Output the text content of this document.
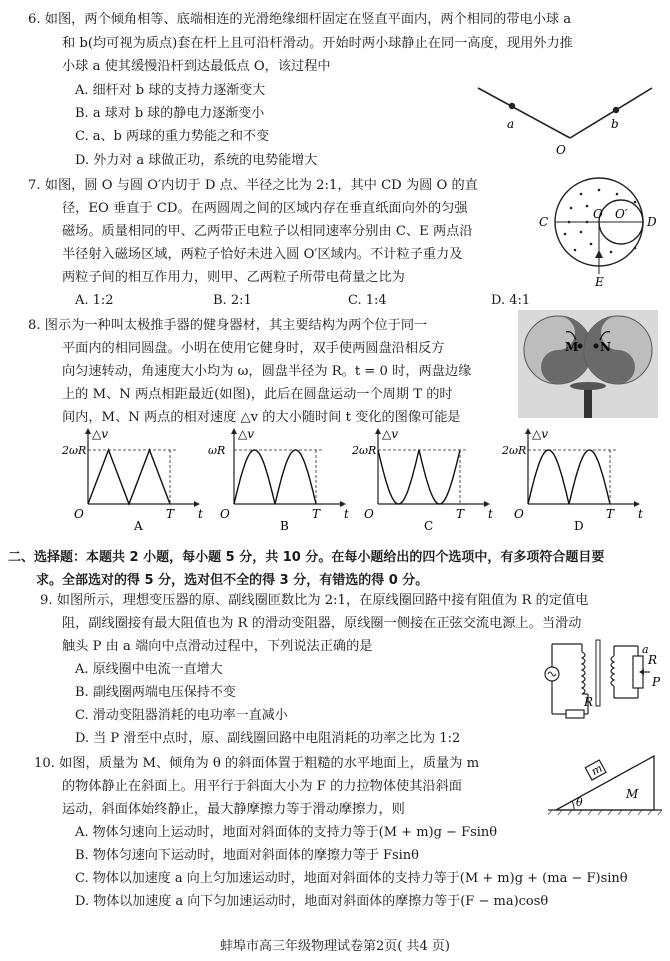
6. 如图，两个倾角相等、底端相连的光滑绝缘细杆固定在竖直平面内，两个相同的带电小球 a
和 b(均可视为质点)套在杆上且可沿杆滑动。开始时两小球静止在同一高度，现用外力推
小球 a 使其缓慢沿杆到达最低点 O，该过程中
A. 细杆对 b 球的支持力逐渐变大
B. a 球对 b 球的静电力逐渐变小
C. a、b 两球的重力势能之和不变
D. 外力对 a 球做正功，系统的电势能增大
a	b
O
7. 如图，圆 O 与圆 O′内切于 D 点、半径之比为 2:1，其中 CD 为圆 O 的直
径，EO 垂直于 CD。在两圆周之间的区域内存在垂直纸面向外的匀强
磁场。质量相同的甲、乙两带正电粒子以相同速率分别由 C、E 两点沿
半径射入磁场区域，两粒子恰好未进入圆 O′区域内。不计粒子重力及
两粒子间的相互作用力，则甲、乙两粒子所带电荷量之比为
A. 1:2	B. 2:1	C. 1:4	D. 4:1
C	D
O O′
E
8. 图示为一种叫太极推手器的健身器材，其主要结构为两个位于同一
平面内的相同圆盘。小明在使用它健身时，双手使两圆盘沿相反方
向匀速转动，角速度大小均为 ω，圆盘半径为 R。t = 0 时，两盘边缘
上的 M、N 两点相距最近(如图)，此后在圆盘运动一个周期 T 的时
间内，M、N 两点的相对速度 △v 的大小随时间 t 变化的图像可能是
M N
△v
2ωR
O	T t
A
△v
ωR
O	T t
B
△v
2ωR
O	T t
C
△v
2ωR
O	T t
D
二、选择题：本题共 2 小题，每小题 5 分，共 10 分。在每小题给出的四个选项中，有多项符合题目要
求。全部选对的得 5 分，选对但不全的得 3 分，有错选的得 0 分。
9. 如图所示，理想变压器的原、副线圈匝数比为 2:1，在原线圈回路中接有阻值为 R 的定值电
阻，副线圈接有最大阻值也为 R 的滑动变阻器，原线圈一侧接在正弦交流电源上。当滑动
触头 P 由 a 端向中点滑动过程中，下列说法正确的是
A. 原线圈中电流一直增大
B. 副线圈两端电压保持不变
C. 滑动变阻器消耗的电功率一直减小
D. 当 P 滑至中点时，原、副线圈回路中电阻消耗的功率之比为 1:2
R
R
a
P
10. 如图，质量为 M、倾角为 θ 的斜面体置于粗糙的水平地面上，质量为 m
的物体静止在斜面上。用平行于斜面大小为 F 的力拉物体使其沿斜面
运动，斜面体始终静止，最大静摩擦力等于滑动摩擦力，则
A. 物体匀速向上运动时，地面对斜面体的支持力等于(M + m)g − Fsinθ
B. 物体匀速向下运动时，地面对斜面体的摩擦力等于 Fsinθ
C. 物体以加速度 a 向上匀加速运动时，地面对斜面体的支持力等于(M + m)g + (ma − F)sinθ
D. 物体以加速度 a 向下匀加速运动时，地面对斜面体的摩擦力等于(F − ma)cosθ
m
θ
M
蚌埠市高三年级物理试卷第2页( 共4 页)
